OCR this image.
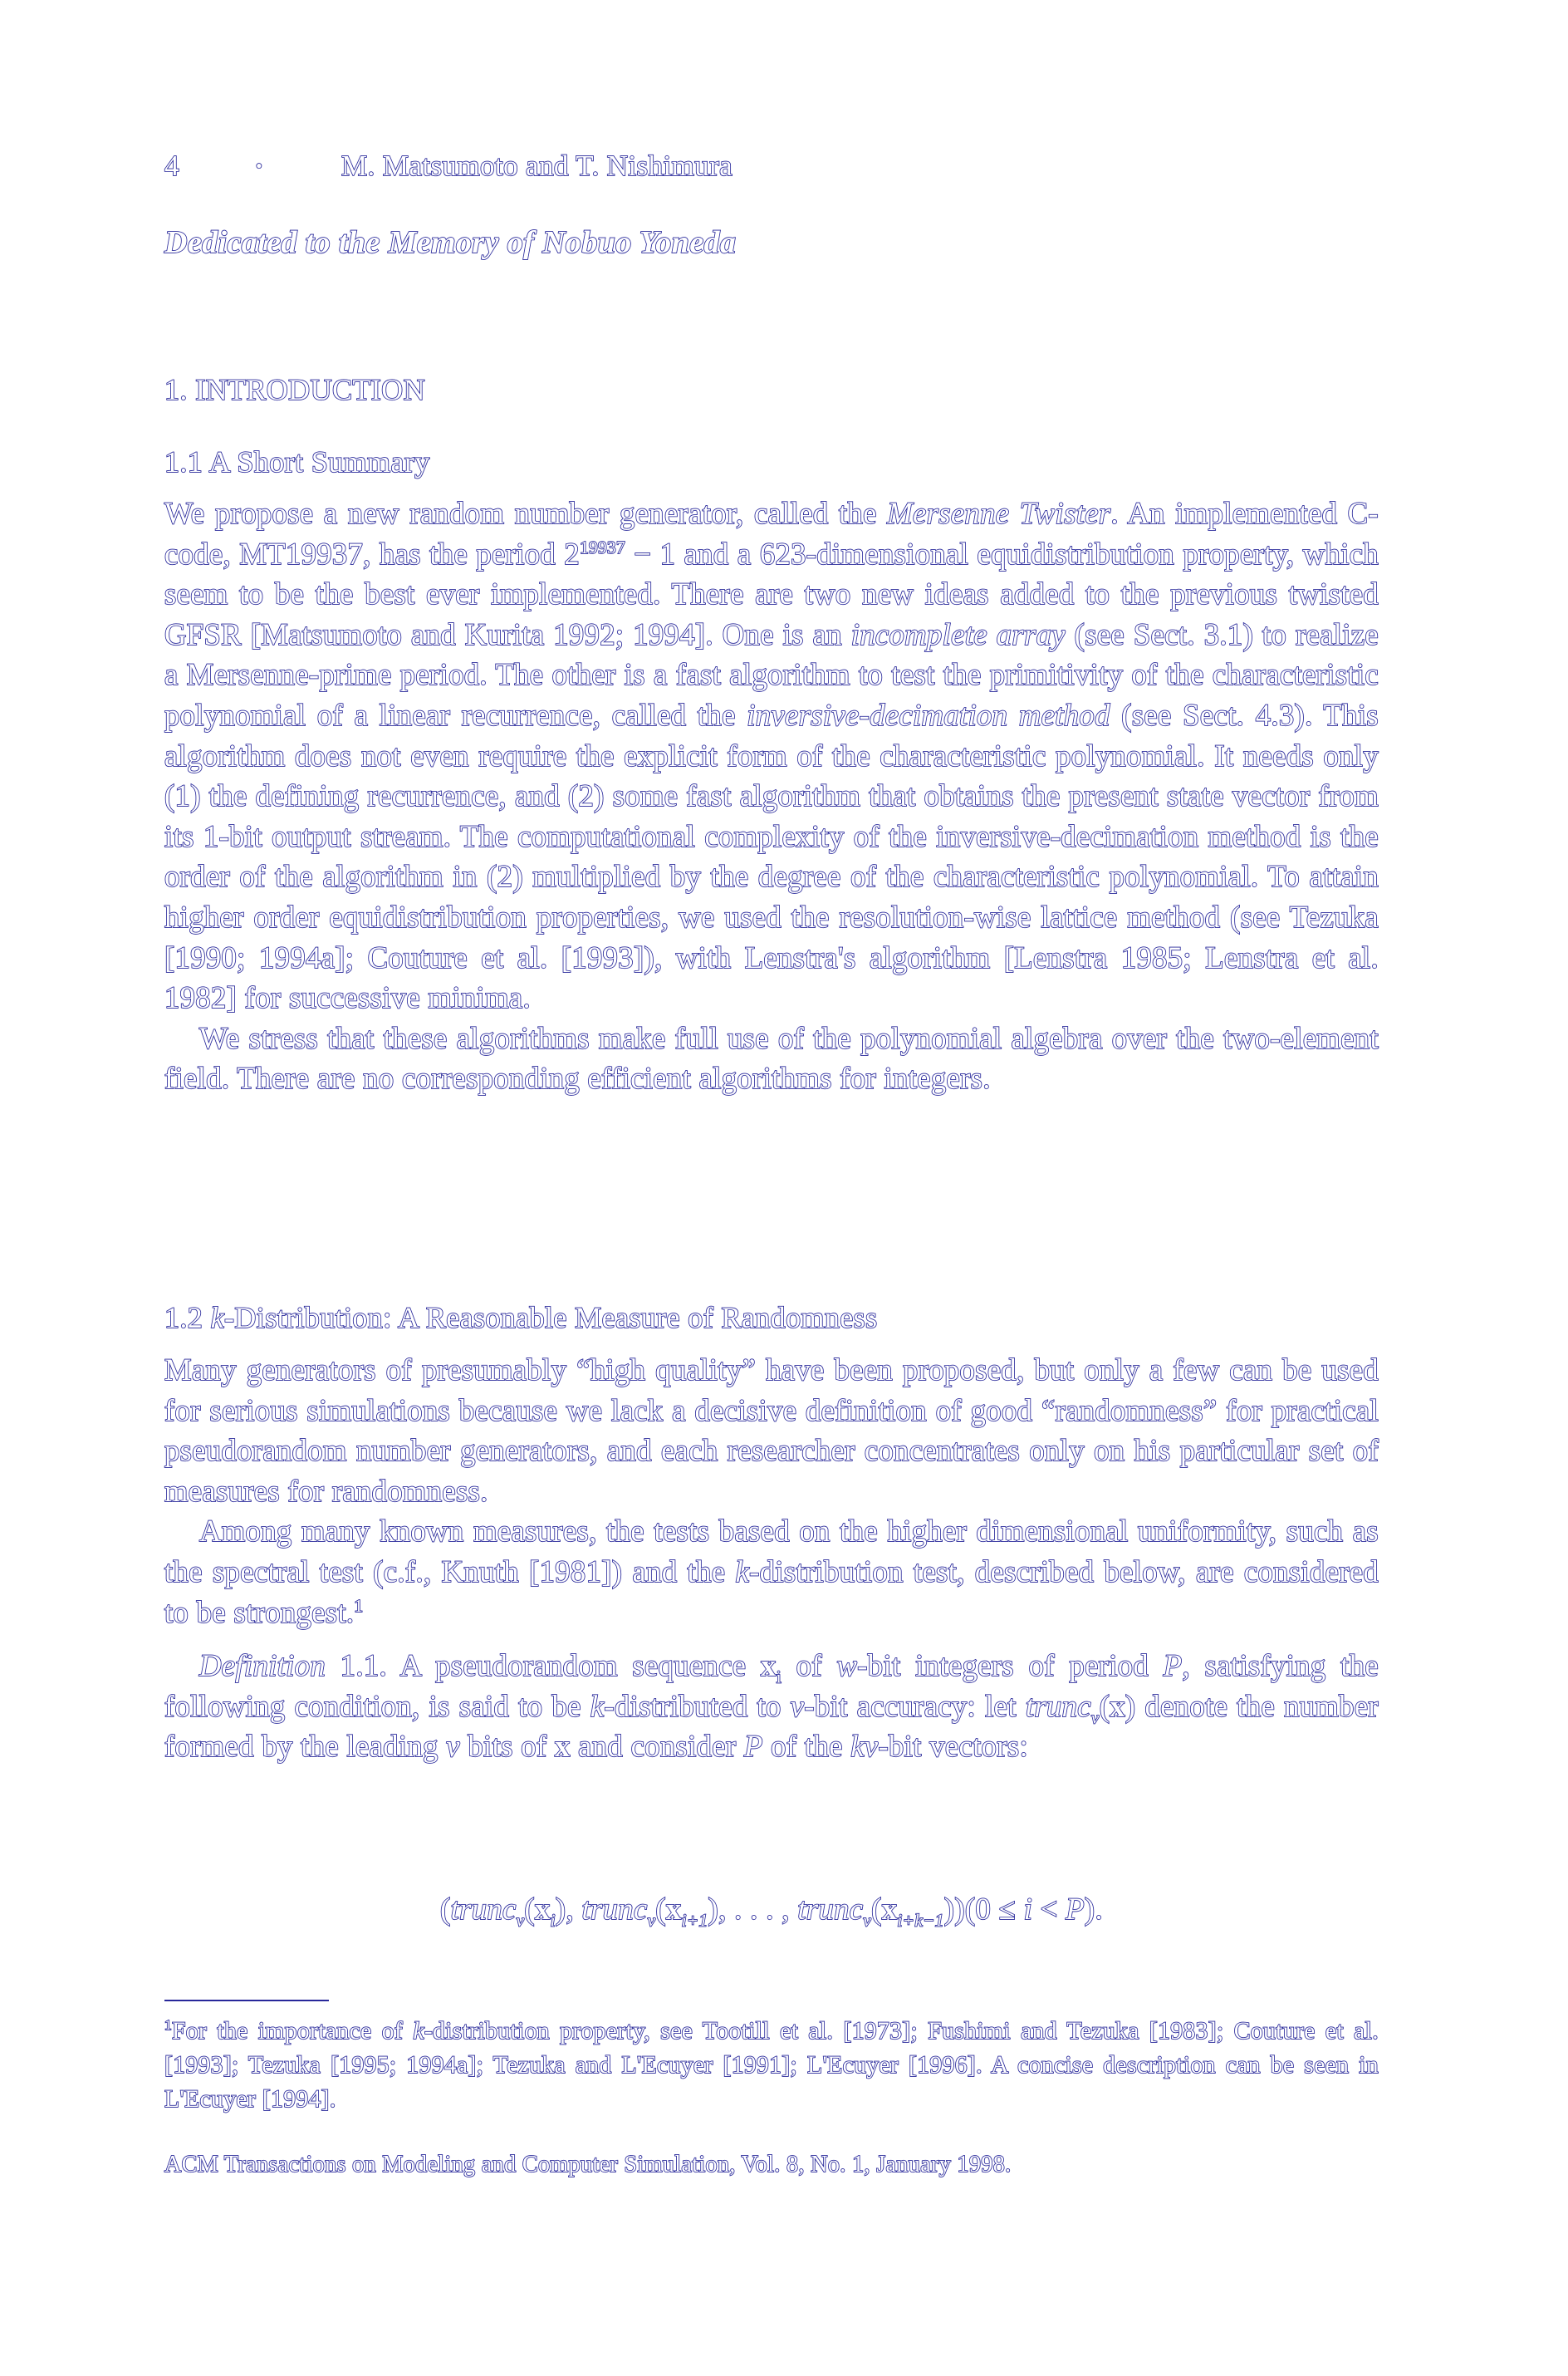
4	•	M. Matsumoto and T. Nishimura
Dedicated to the Memory of Nobuo Yoneda
1. INTRODUCTION
1.1 A Short Summary

We propose a new random number generator, called the Mersenne Twister. An implemented C-code, MT19937, has the period $2^{19937} - 1$ and a 623-dimensional equidistribution property, which seem to be the best ever implemented. There are two new ideas added to the previous twisted GFSR [Matsumoto and Kurita 1992; 1994]. One is an incomplete array (see Sect. 3.1) to realize a Mersenne-prime period. The other is a fast algorithm to test the primitivity of the characteristic polynomial of a linear recurrence, called the inversive-decimation method (see Sect. 4.3). This algorithm does not even require the explicit form of the characteristic polynomial. It needs only (1) the defining recurrence, and (2) some fast algorithm that obtains the present state vector from its 1-bit output stream. The computational complexity of the inversive-decimation method is the order of the algorithm in (2) multiplied by the degree of the characteristic polynomial. To attain higher order equidistribution properties, we used the resolution-wise lattice method (see Tezuka [1990; 1994a]; Couture et al. [1993]), with Lenstra's algorithm [Lenstra 1985; Lenstra et al. 1982] for successive minima.

We stress that these algorithms make full use of the polynomial algebra over the two-element field. There are no corresponding efficient algorithms for integers.

1.2 k-Distribution: A Reasonable Measure of Randomness

Many generators of presumably “high quality” have been proposed, but only a few can be used for serious simulations because we lack a decisive definition of good “randomness” for practical pseudorandom number generators, and each researcher concentrates only on his particular set of measures for randomness.

Among many known measures, the tests based on the higher dimensional uniformity, such as the spectral test (c.f., Knuth [1981]) and the k-distribution test, described below, are considered to be strongest.$^1$

Definition 1.1. A pseudorandom sequence $x_i$ of w-bit integers of period P, satisfying the following condition, is said to be k-distributed to v-bit accuracy: let trunc$_v$(x) denote the number formed by the leading v bits of x and consider P of the kv-bit vectors:

($trunc_v(x_i)$, $trunc_v(x_{i+1})$, . . . , $trunc_v(x_{i+k-1}))(0 \le i < P)$.
$^1$For the importance of k-distribution property, see Tootill et al. [1973]; Fushimi and Tezuka [1983]; Couture et al. [1993]; Tezuka [1995; 1994a]; Tezuka and L'Ecuyer [1991]; L'Ecuyer [1996]. A concise description can be seen in L'Ecuyer [1994].
ACM Transactions on Modeling and Computer Simulation, Vol. 8, No. 1, January 1998.
